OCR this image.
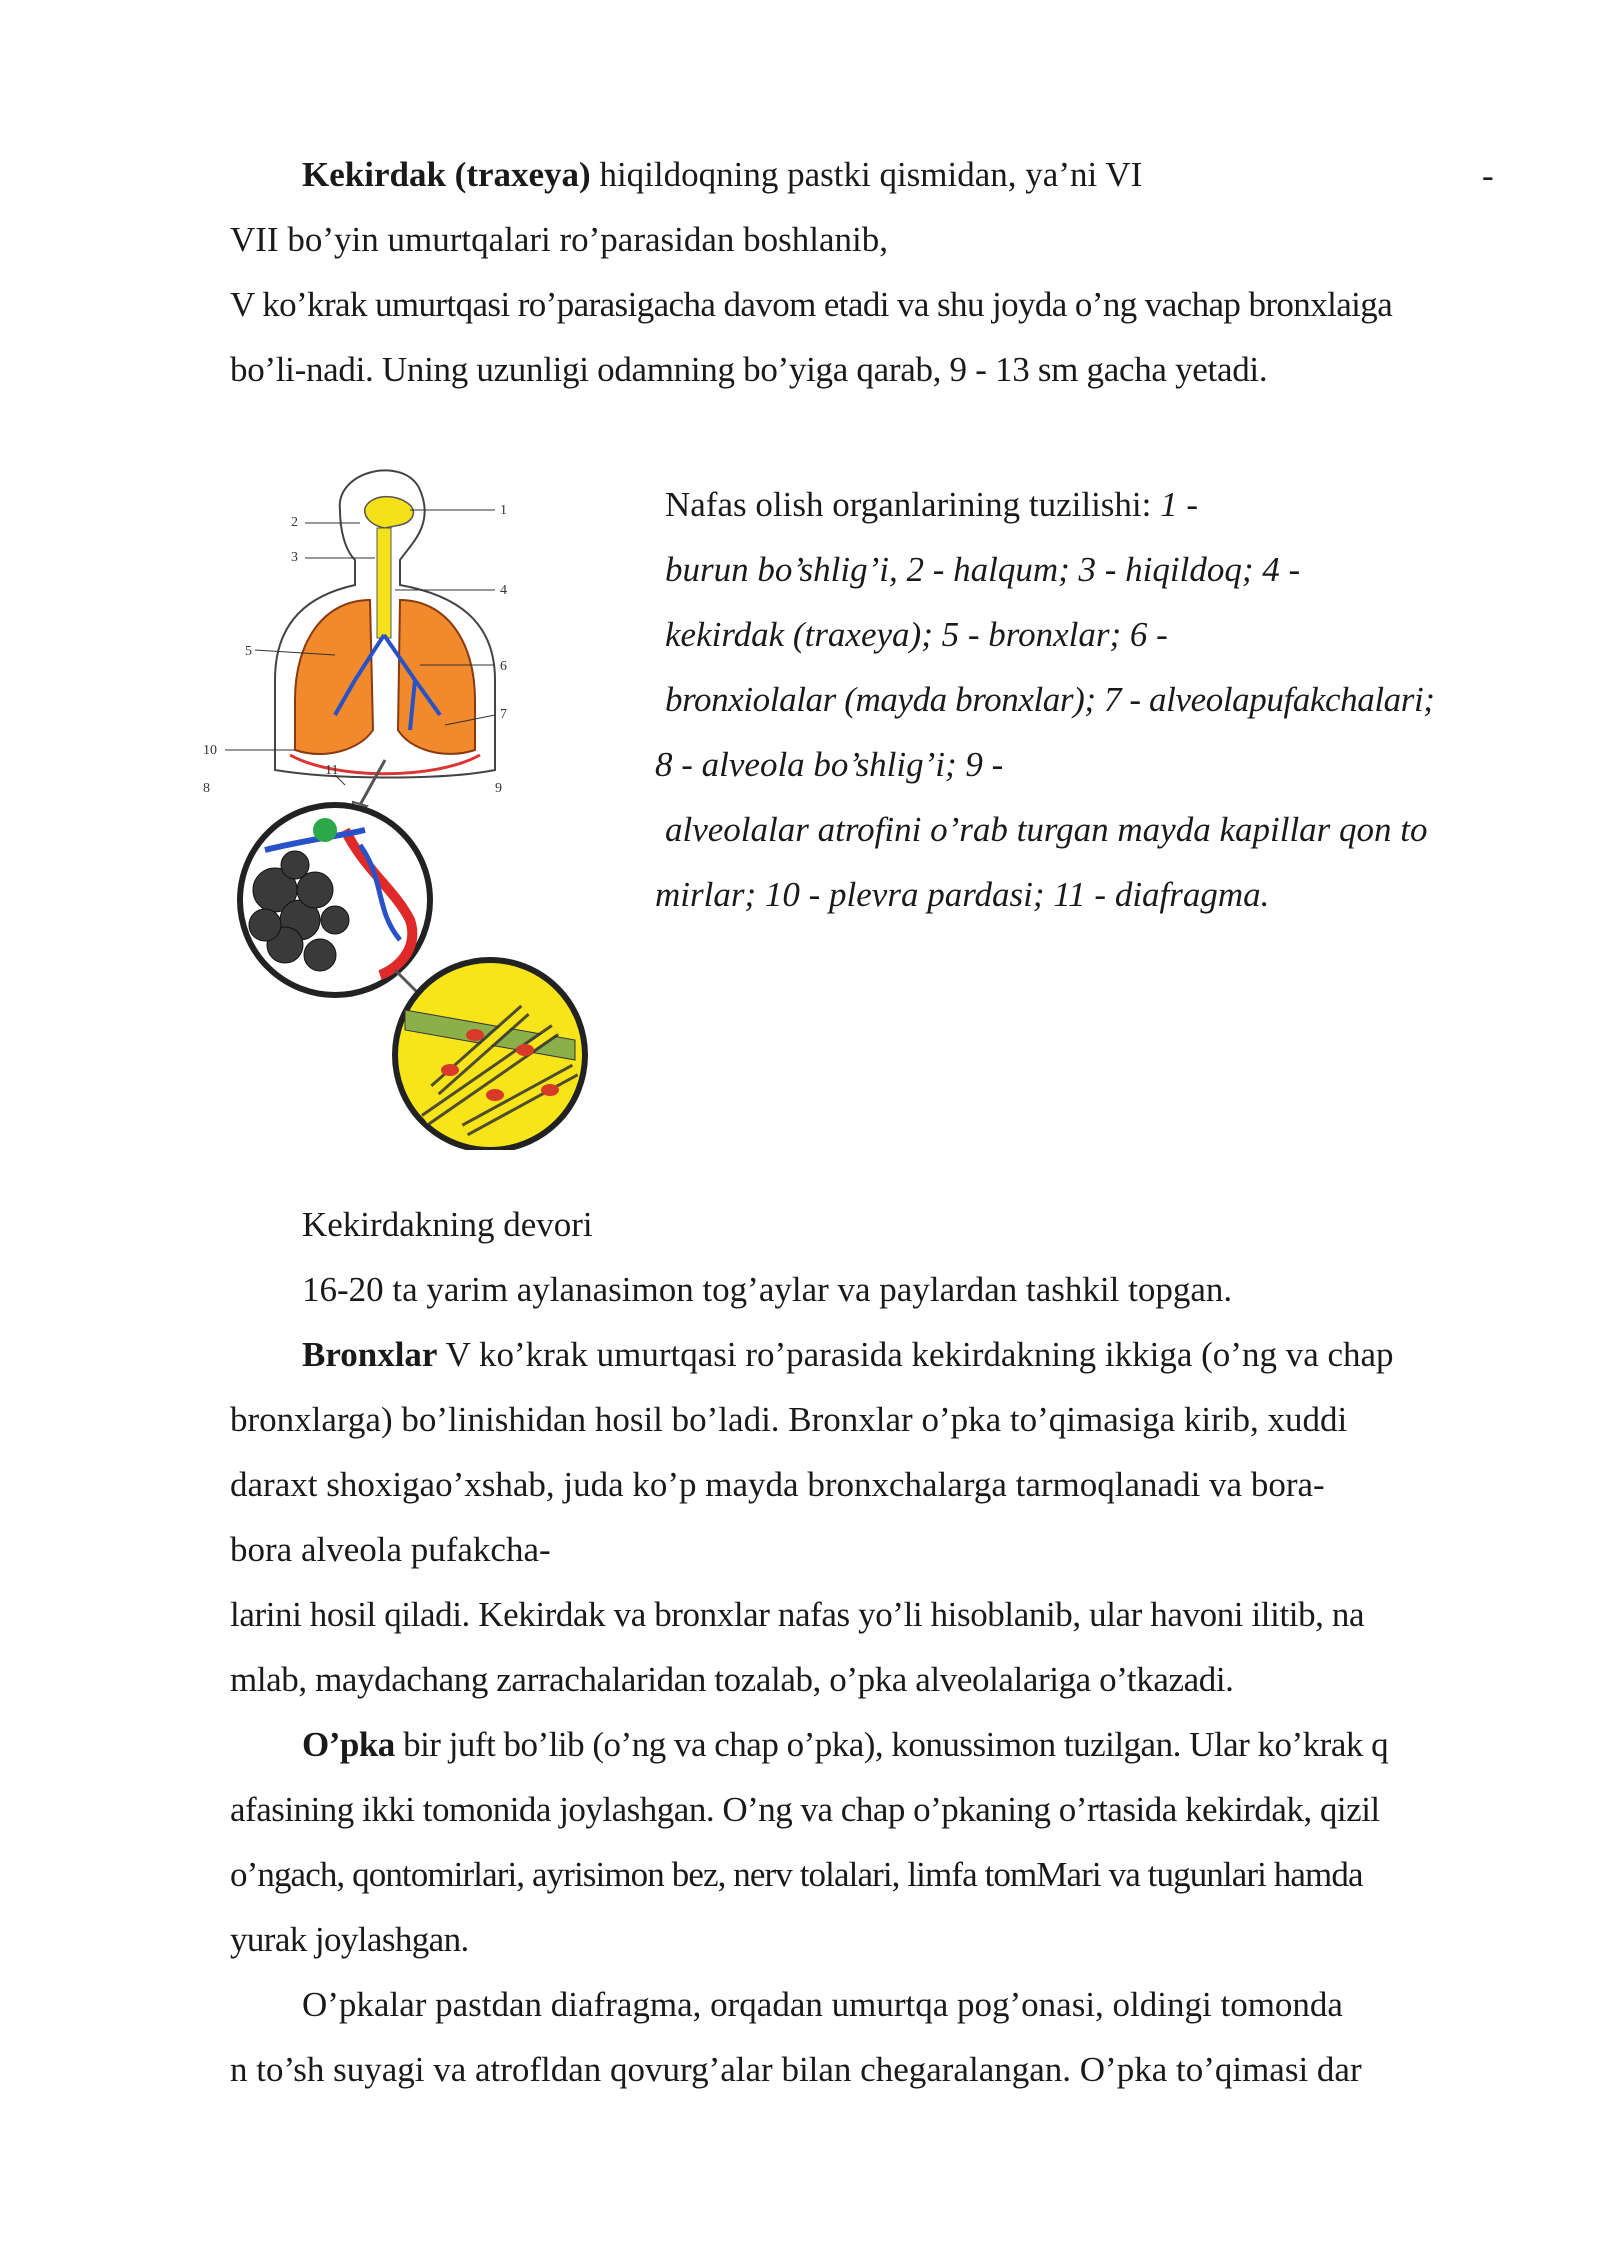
Kekirdak (traxeya) hiqildoqning pastki qismidan, ya’ni VI	-
VII bo’yin umurtqalari ro’parasidan boshlanib,
V ko’krak umurtqasi ro’parasigacha davom etadi va shu joyda o’ng vachap bronxlaiga
bo’li-nadi. Uning uzunligi odamning bo’yiga qarab, 9 - 13 sm gacha yetadi.
1
2
3
4
5
6
7
8	9
10
11
Nafas olish organlarining tuzilishi: 1 -
burun bo’shlig’i, 2 - halqum; 3 - hiqildoq; 4 -
kekirdak (traxeya); 5 - bronxlar; 6 -
bronxiolalar (mayda bronxlar); 7 - alveolapufakchalari;
8 - alveola bo’shlig’i; 9 -
alveolalar atrofini o’rab turgan mayda kapillar qon to
mirlar; 10 - plevra pardasi; 11 - diafragma.
Kekirdakning devori
16-20 ta yarim aylanasimon tog’aylar va paylardan tashkil topgan.
Bronxlar V ko’krak umurtqasi ro’parasida kekirdakning ikkiga (o’ng va chap
bronxlarga) bo’linishidan hosil bo’ladi. Bronxlar o’pka to’qimasiga kirib, xuddi
daraxt shoxigao’xshab, juda ko’p mayda bronxchalarga tarmoqlanadi va bora-
bora alveola pufakcha-
larini hosil qiladi. Kekirdak va bronxlar nafas yo’li hisoblanib, ular havoni ilitib, na
mlab, maydachang zarrachalaridan tozalab, o’pka alveolalariga o’tkazadi.
O’pka bir juft bo’lib (o’ng va chap o’pka), konussimon tuzilgan. Ular ko’krak q
afasining ikki tomonida joylashgan. O’ng va chap o’pkaning o’rtasida kekirdak, qizil
o’ngach, qontomirlari, ayrisimon bez, nerv tolalari, limfa tomMari va tugunlari hamda
yurak joylashgan.
O’pkalar pastdan diafragma, orqadan umurtqa pog’onasi, oldingi tomonda
n to’sh suyagi va atrofldan qovurg’alar bilan chegaralangan. O’pka to’qimasi dar
